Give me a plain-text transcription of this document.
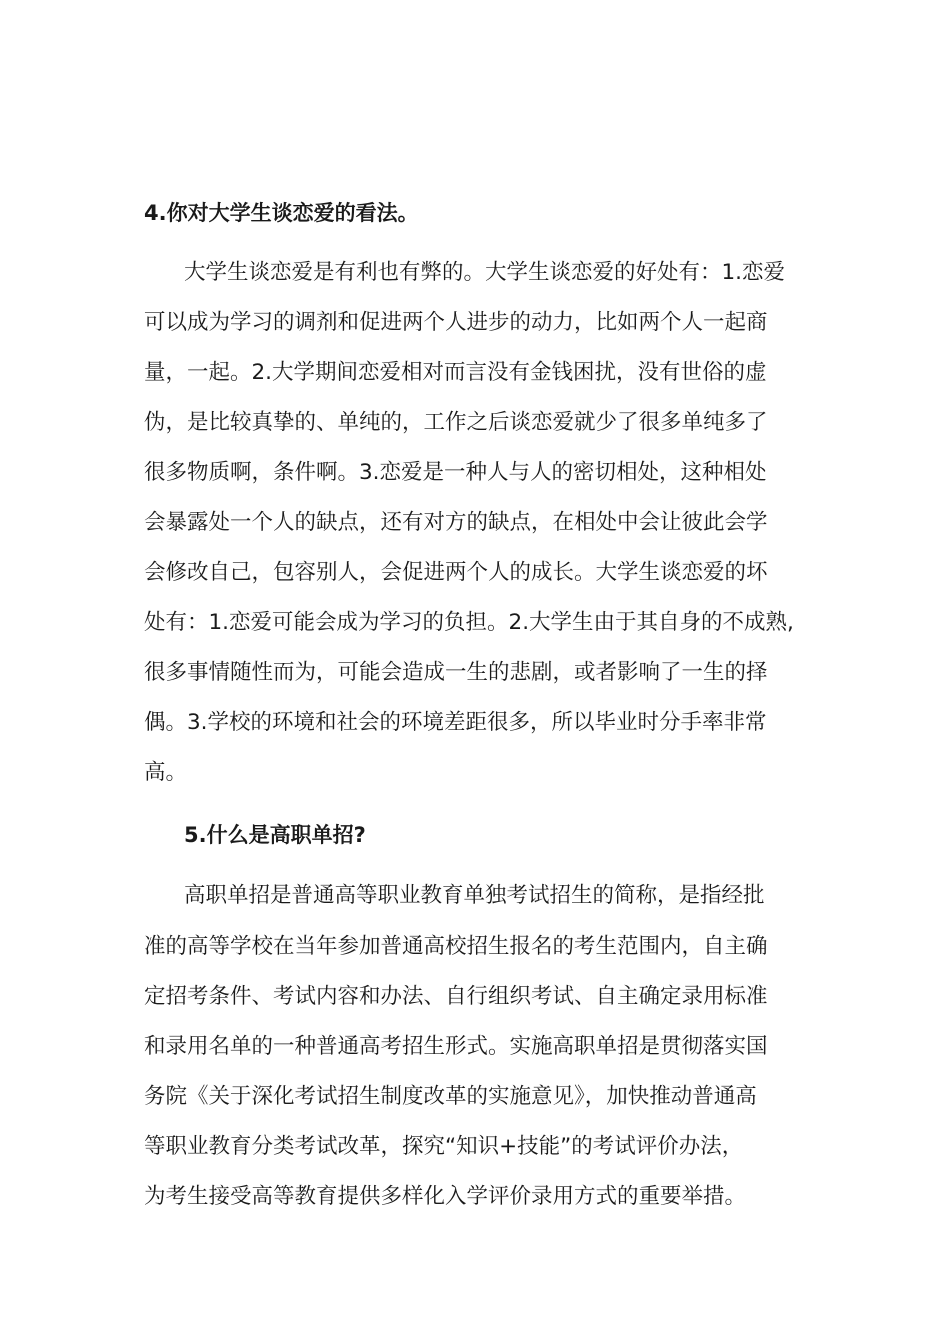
4.你对大学生谈恋爱的看法。

大学生谈恋爱是有利也有弊的。大学生谈恋爱的好处有：1.恋爱

可以成为学习的调剂和促进两个人进步的动力，比如两个人一起商

量，一起。2.大学期间恋爱相对而言没有金钱困扰，没有世俗的虚

伪，是比较真挚的、单纯的，工作之后谈恋爱就少了很多单纯多了

很多物质啊，条件啊。3.恋爱是一种人与人的密切相处，这种相处

会暴露处一个人的缺点，还有对方的缺点，在相处中会让彼此会学

会修改自己，包容别人，会促进两个人的成长。大学生谈恋爱的坏

处有：1.恋爱可能会成为学习的负担。2.大学生由于其自身的不成熟,

很多事情随性而为，可能会造成一生的悲剧，或者影响了一生的择

偶。3.学校的环境和社会的环境差距很多，所以毕业时分手率非常

高。

5.什么是高职单招?

高职单招是普通高等职业教育单独考试招生的简称，是指经批

准的高等学校在当年参加普通高校招生报名的考生范围内，自主确

定招考条件、考试内容和办法、自行组织考试、自主确定录用标准

和录用名单的一种普通高考招生形式。实施高职单招是贯彻落实国

务院《关于深化考试招生制度改革的实施意见》，加快推动普通高

等职业教育分类考试改革，探究“知识+技能”的考试评价办法，

为考生接受高等教育提供多样化入学评价录用方式的重要举措。
